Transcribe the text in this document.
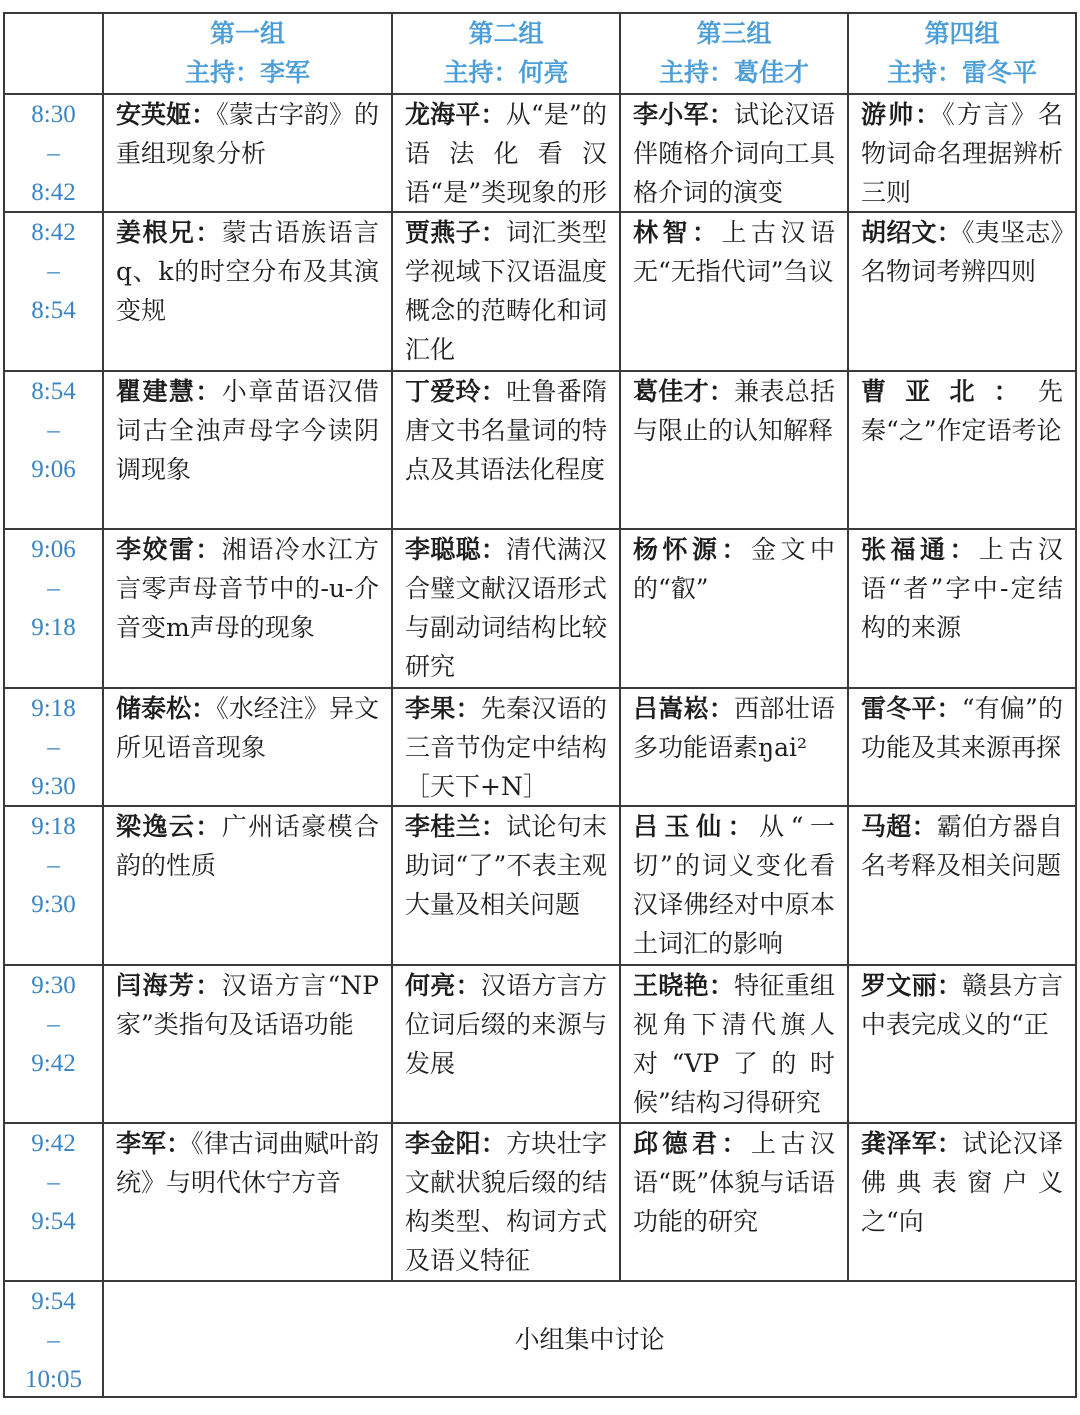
第一组
主持：李军
第二组
主持：何亮
第三组
主持：葛佳才
第四组
主持：雷冬平
8:30
–
8:42
安英姬：《蒙古字韵》的重组现象分析
龙海平：从“是”的语法化看汉语“是”类现象的形
李小军：试论汉语伴随格介词向工具格介词的演变
游帅：《方言》名物词命名理据辨析三则
8:42
–
8:54
姜根兄：蒙古语族语言q、k的时空分布及其演变规
贾燕子：词汇类型学视域下汉语温度概念的范畴化和词汇化
林智：上古汉语无“无指代词”刍议
胡绍文：《夷坚志》名物词考辨四则
8:54
–
9:06
瞿建慧：小章苗语汉借词古全浊声母字今读阴调现象
丁爱玲：吐鲁番隋唐文书名量词的特点及其语法化程度
葛佳才：兼表总括与限止的认知解释
曹亚北：先秦“之”作定语考论
9:06
–
9:18
李姣雷：湘语冷水江方言零声母音节中的-u-介音变m声母的现象
李聪聪：清代满汉合璧文献汉语形式与副动词结构比较研究
杨怀源：金文中的“叡”
张福通：上古汉语“者”字中-定结构的来源
9:18
–
9:30
储泰松：《水经注》异文所见语音现象
李果：先秦汉语的三音节伪定中结构［天下+N］
吕嵩崧：西部壮语多功能语素ŋai²
雷冬平：“有偏”的功能及其来源再探
9:18
–
9:30
梁逸云：广州话豪模合韵的性质
李桂兰：试论句末助词“了”不表主观大量及相关问题
吕玉仙：从“一切”的词义变化看汉译佛经对中原本土词汇的影响
马超：霸伯方器自名考释及相关问题
9:30
–
9:42
闫海芳：汉语方言“NP家”类指句及话语功能
何亮：汉语方言方位词后缀的来源与发展
王晓艳：特征重组视角下清代旗人对“VP了的时候”结构习得研究
罗文丽：赣县方言中表完成义的“正
9:42
–
9:54
李军：《律古词曲赋叶韵统》与明代休宁方音
李金阳：方块壮字文献状貌后缀的结构类型、构词方式及语义特征
邱德君：上古汉语“既”体貌与话语功能的研究
龚泽军：试论汉译佛典表窗户义之“向
9:54
–
10:05
小组集中讨论
